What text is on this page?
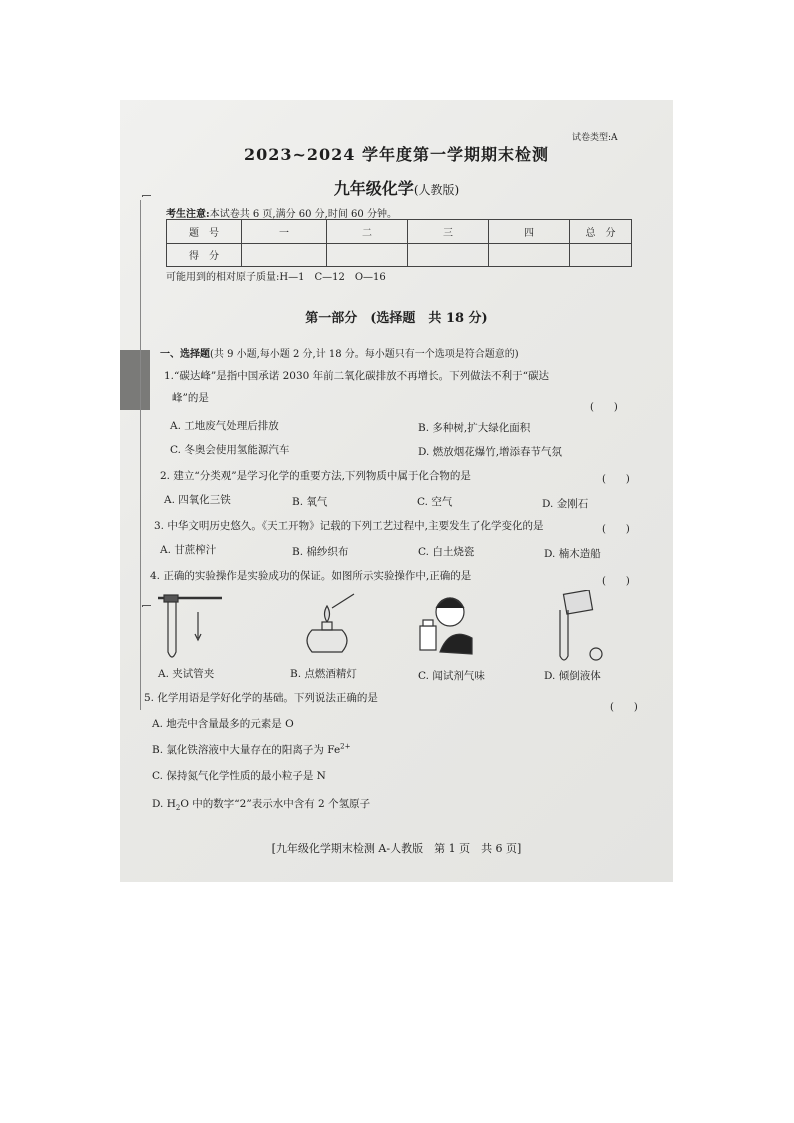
试卷类型:A
2023~2024 学年度第一学期期末检测
九年级化学(人教版)
考生注意:本试卷共 6 页,满分 60 分,时间 60 分钟。
题　号	一	二	三	四	总　分
得　分					
可能用到的相对原子质量:H—1　C—12　O—16
第一部分　(选择题　共 18 分)
一、选择题(共 9 小题,每小题 2 分,计 18 分。每小题只有一个选项是符合题意的)
1.“碳达峰”是指中国承诺 2030 年前二氧化碳排放不再增长。下列做法不利于“碳达
峰”的是
(　　)
A. 工地废气处理后排放	B. 多种树,扩大绿化面积
C. 冬奥会使用氢能源汽车	D. 燃放烟花爆竹,增添春节气氛
2. 建立“分类观”是学习化学的重要方法,下列物质中属于化合物的是	(　　)
A. 四氧化三铁	B. 氧气	C. 空气	D. 金刚石
3. 中华文明历史悠久。《天工开物》记载的下列工艺过程中,主要发生了化学变化的是	(　　)
A. 甘蔗榨汁	B. 棉纱织布	C. 白土烧瓷	D. 楠木造船
4. 正确的实验操作是实验成功的保证。如图所示实验操作中,正确的是	(　　)
A. 夹试管夹	B. 点燃酒精灯	C. 闻试剂气味	D. 倾倒液体
5. 化学用语是学好化学的基础。下列说法正确的是
(　　)
A. 地壳中含量最多的元素是 O
B. 氯化铁溶液中大量存在的阳离子为 $Fe^{2+}$
C. 保持氮气化学性质的最小粒子是 N
D. $H_2O$ 中的数字“2”表示水中含有 2 个氢原子
[九年级化学期末检测 A-人教版　第 1 页　共 6 页]
